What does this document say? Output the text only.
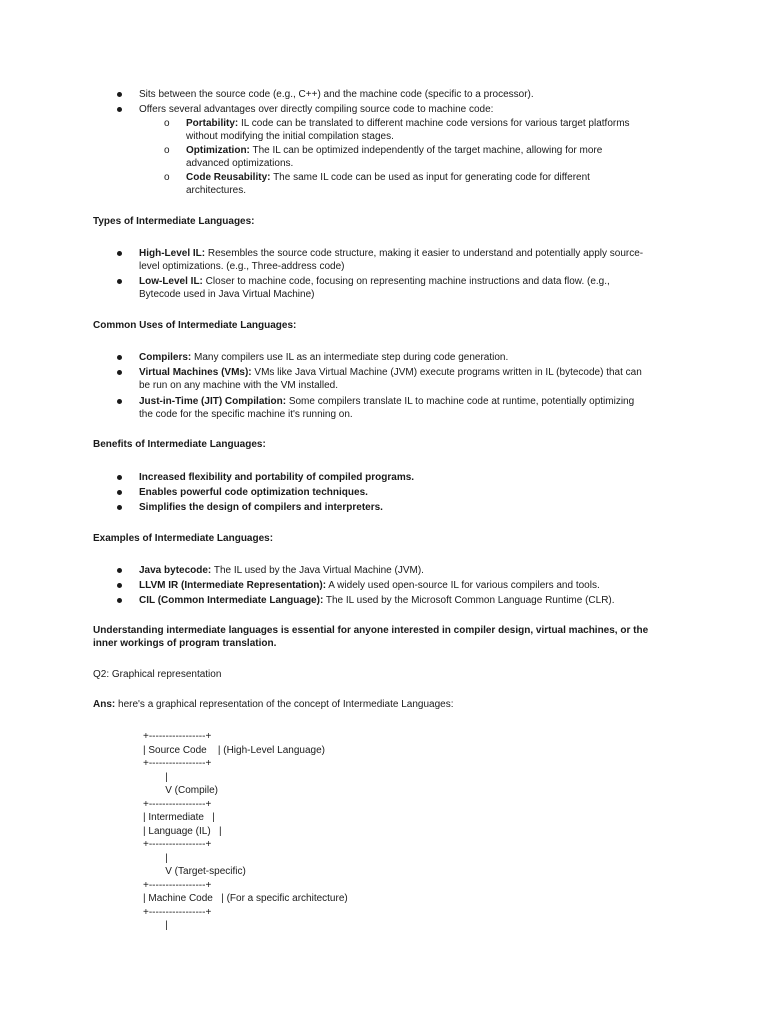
Sits between the source code (e.g., C++) and the machine code (specific to a processor).
Offers several advantages over directly compiling source code to machine code:
o Portability: IL code can be translated to different machine code versions for various target platforms
without modifying the initial compilation stages.
o Optimization: The IL can be optimized independently of the target machine, allowing for more
advanced optimizations.
o Code Reusability: The same IL code can be used as input for generating code for different
architectures.
Types of Intermediate Languages:
High-Level IL: Resembles the source code structure, making it easier to understand and potentially apply source-
level optimizations. (e.g., Three-address code)
Low-Level IL: Closer to machine code, focusing on representing machine instructions and data flow. (e.g.,
Bytecode used in Java Virtual Machine)
Common Uses of Intermediate Languages:
Compilers: Many compilers use IL as an intermediate step during code generation.
Virtual Machines (VMs): VMs like Java Virtual Machine (JVM) execute programs written in IL (bytecode) that can
be run on any machine with the VM installed.
Just-in-Time (JIT) Compilation: Some compilers translate IL to machine code at runtime, potentially optimizing
the code for the specific machine it's running on.
Benefits of Intermediate Languages:
Increased flexibility and portability of compiled programs.
Enables powerful code optimization techniques.
Simplifies the design of compilers and interpreters.
Examples of Intermediate Languages:
Java bytecode: The IL used by the Java Virtual Machine (JVM).
LLVM IR (Intermediate Representation): A widely used open-source IL for various compilers and tools.
CIL (Common Intermediate Language): The IL used by the Microsoft Common Language Runtime (CLR).
Understanding intermediate languages is essential for anyone interested in compiler design, virtual machines, or the
inner workings of program translation.
Q2: Graphical representation
Ans: here's a graphical representation of the concept of Intermediate Languages:
+-----------------+
| Source Code    | (High-Level Language)
+-----------------+
|
V (Compile)
+-----------------+
| Intermediate   |
| Language (IL)   |
+-----------------+
|
V (Target-specific)
+-----------------+
| Machine Code   | (For a specific architecture)
+-----------------+
|
